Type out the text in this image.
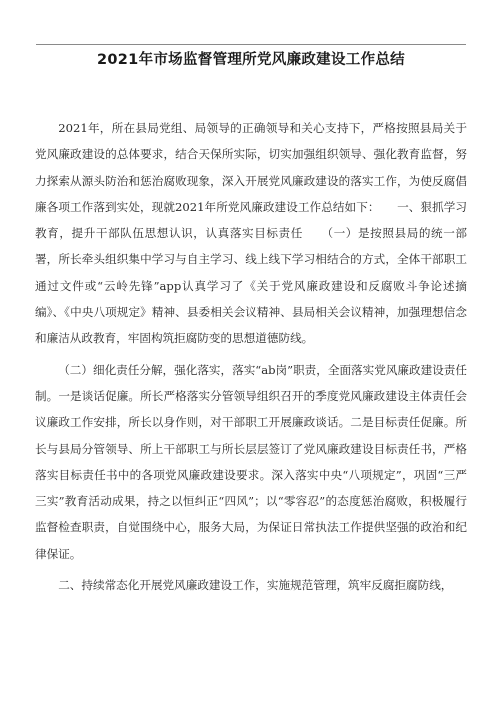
2021年市场监督管理所党风廉政建设工作总结

2021年，所在县局党组、局领导的正确领导和关心支持下，严格按照县局关于党风廉政建设的总体要求，结合天保所实际，切实加强组织领导、强化教育监督，努力探索从源头防治和惩治腐败现象，深入开展党风廉政建设的落实工作，为使反腐倡廉各项工作落到实处，现就2021年所党风廉政建设工作总结如下：　　一、狠抓学习教育，提升干部队伍思想认识，认真落实目标责任　　（一）是按照县局的统一部署，所长牵头组织集中学习与自主学习、线上线下学习相结合的方式，全体干部职工通过文件或“云岭先锋”app认真学习了《关于党风廉政建设和反腐败斗争论述摘编》、《中央八项规定》精神、县委相关会议精神、县局相关会议精神，加强理想信念和廉洁从政教育，牢固构筑拒腐防变的思想道德防线。

（二）细化责任分解，强化落实，落实“ab岗”职责，全面落实党风廉政建设责任制。一是谈话促廉。所长严格落实分管领导组织召开的季度党风廉政建设主体责任会议廉政工作安排，所长以身作则，对干部职工开展廉政谈话。二是目标责任促廉。所长与县局分管领导、所上干部职工与所长层层签订了党风廉政建设目标责任书，严格落实目标责任书中的各项党风廉政建设要求。深入落实中央“八项规定”，巩固“三严三实”教育活动成果，持之以恒纠正“四风”；以“零容忍”的态度惩治腐败，积极履行监督检查职责，自觉围绕中心，服务大局，为保证日常执法工作提供坚强的政治和纪律保证。

二、持续常态化开展党风廉政建设工作，实施规范管理，筑牢反腐拒腐防线，
